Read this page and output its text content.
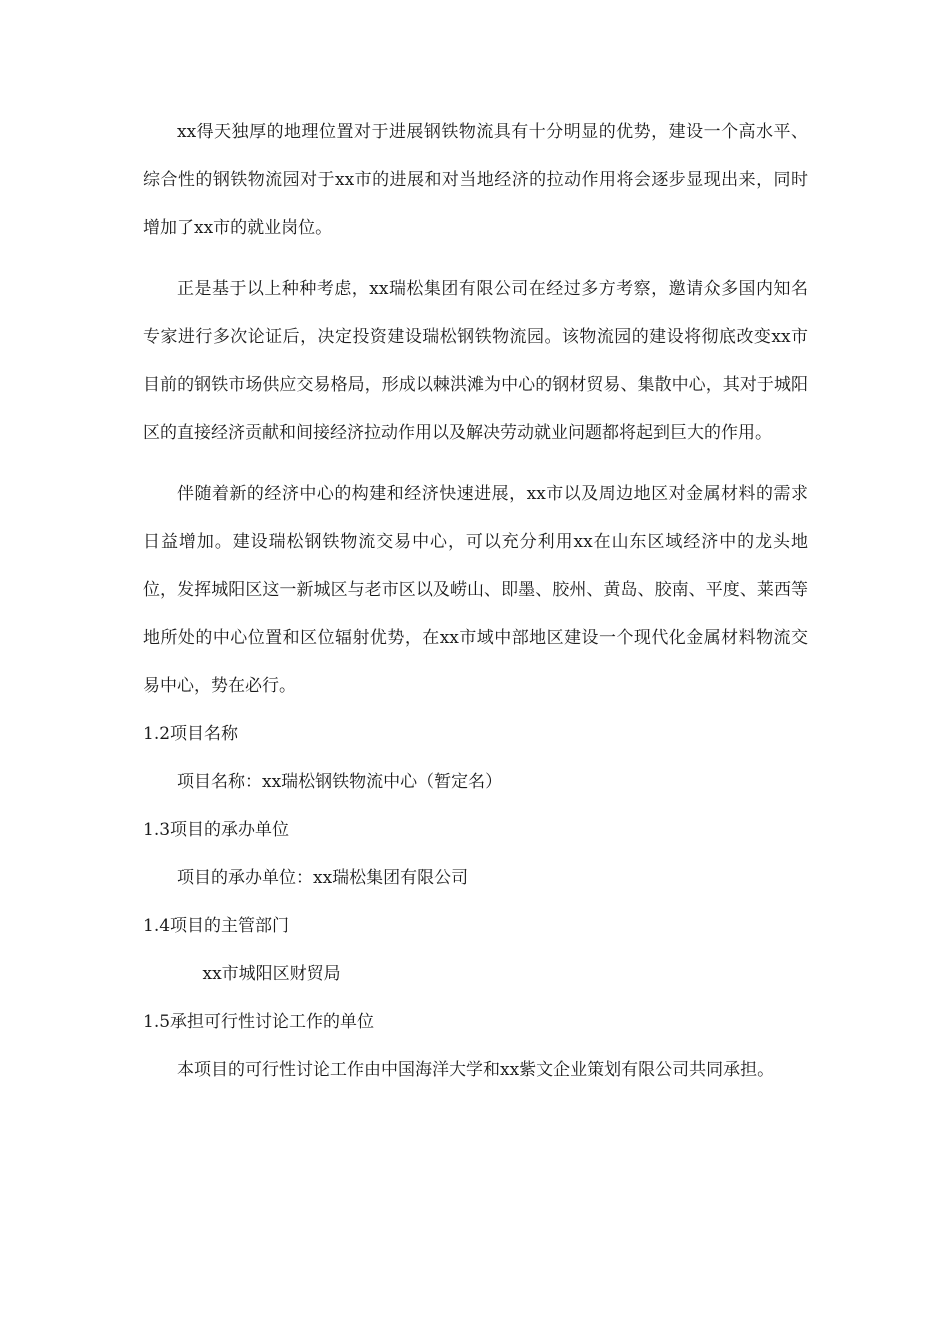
xx得天独厚的地理位置对于进展钢铁物流具有十分明显的优势，建设一个高水平、综合性的钢铁物流园对于xx市的进展和对当地经济的拉动作用将会逐步显现出来，同时增加了xx市的就业岗位。

正是基于以上种种考虑，xx瑞松集团有限公司在经过多方考察，邀请众多国内知名专家进行多次论证后，决定投资建设瑞松钢铁物流园。该物流园的建设将彻底改变xx市目前的钢铁市场供应交易格局，形成以棘洪滩为中心的钢材贸易、集散中心，其对于城阳区的直接经济贡献和间接经济拉动作用以及解决劳动就业问题都将起到巨大的作用。

伴随着新的经济中心的构建和经济快速进展，xx市以及周边地区对金属材料的需求日益增加。建设瑞松钢铁物流交易中心，可以充分利用xx在山东区域经济中的龙头地位，发挥城阳区这一新城区与老市区以及崂山、即墨、胶州、黄岛、胶南、平度、莱西等地所处的中心位置和区位辐射优势，在xx市域中部地区建设一个现代化金属材料物流交易中心，势在必行。

1.2项目名称

项目名称：xx瑞松钢铁物流中心（暂定名）

1.3项目的承办单位

项目的承办单位：xx瑞松集团有限公司

1.4项目的主管部门

xx市城阳区财贸局

1.5承担可行性讨论工作的单位

本项目的可行性讨论工作由中国海洋大学和xx紫文企业策划有限公司共同承担。
